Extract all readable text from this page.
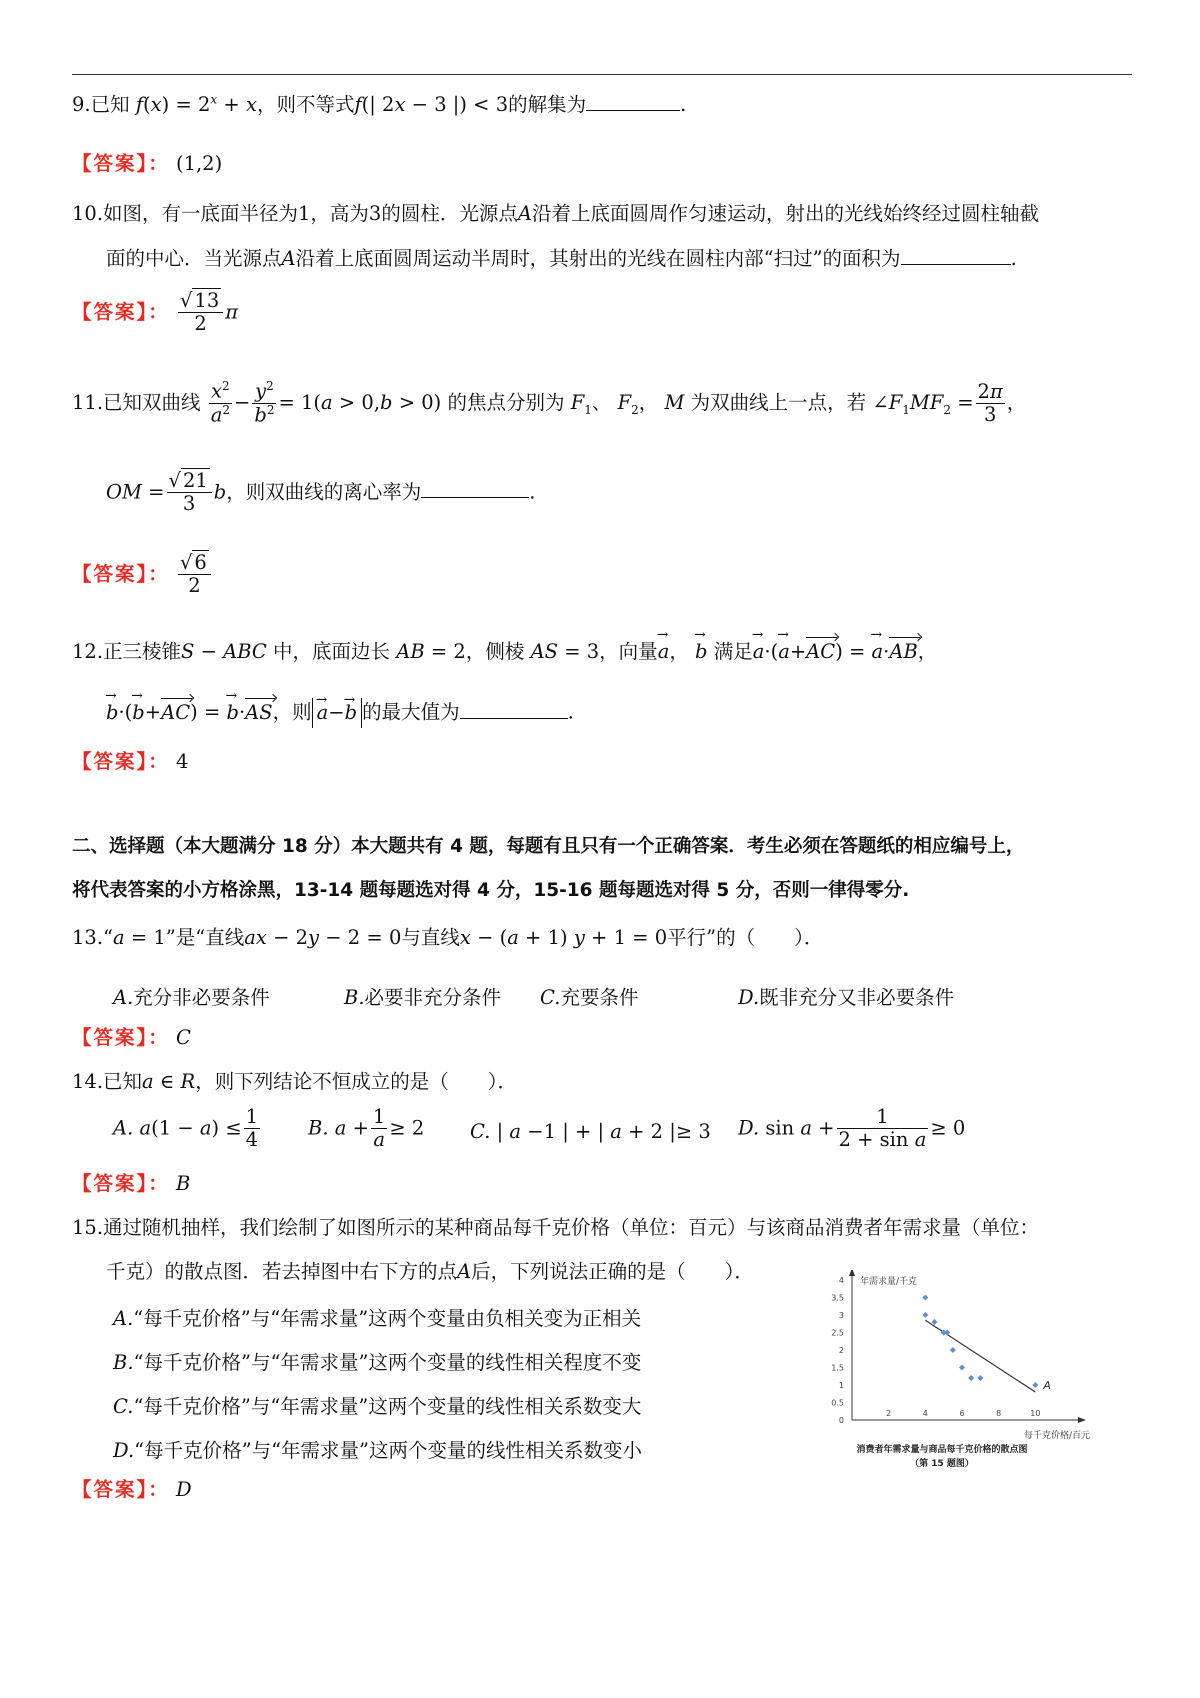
9.已知 $f(x) = 2^x + x$，则不等式f(| 2x − 3 |) < 3的解集为	.
【答案】： (1,2)
10.如图，有一底面半径为1，高为3的圆柱．光源点A沿着上底面圆周作匀速运动，射出的光线始终经过圆柱轴截
面的中心．当光源点A沿着上底面圆周运动半周时，其射出的光线在圆柱内部“扫过”的面积为	.
【答案】： $\frac{√ 13}{2}$ π
11.已知双曲线 $\frac{x^2}{a^2} - \frac{y^2}{b^2} = 1(a > 0,b > 0)$ 的焦点分别为 $F_1$、 $F_2$， M 为双曲线上一点，若 $\angle F_1MF_2 = \frac{2\pi}{3}$ ，
OM = $\frac{√ 21}{3}$ b，则双曲线的离心率为	.
【答案】： $\frac{√ 6}{2}$
12.正三棱锥S − ABC 中，底面边长 AB = 2，侧棱 AS = 3，向量→ a， → b 满足→ a·(→ a+AC) = → a·AB，
→ b·(→ b+AC) = → b·AS，则→ a−→ b 的最大值为	.
【答案】： 4
二、选择题（本大题满分 18 分）本大题共有 4 题，每题有且只有一个正确答案．考生必须在答题纸的相应编号上，
将代表答案的小方格涂黑，13-14 题每题选对得 4 分，15-16 题每题选对得 5 分，否则一律得零分.
13.“a = 1”是“直线ax − 2y − 2 = 0与直线x − (a + 1) y + 1 = 0平行”的（　　）．
A.充分非必要条件	B.必要非充分条件 C.充要条件	D.既非充分又非必要条件
【答案】： C
14.已知a ∈ R，则下列结论不恒成立的是（　　）．
A. $a(1 - a) \le \frac{1}{4} B$. $a + \frac{1}{a} \ge 2$ C. | a −1 | + | a + 2 |≥ 3 D. $\sin a + \frac{1}{\text{2 + sin a}} \ge 0$
【答案】： B
15.通过随机抽样，我们绘制了如图所示的某种商品每千克价格（单位：百元）与该商品消费者年需求量（单位：
千克）的散点图．若去掉图中右下方的点A后，下列说法正确的是（　　）．
A.“每千克价格”与“年需求量”这两个变量由负相关变为正相关
B.“每千克价格”与“年需求量”这两个变量的线性相关程度不变
C.“每千克价格”与“年需求量”这两个变量的线性相关系数变大
D.“每千克价格”与“年需求量”这两个变量的线性相关系数变小
【答案】： D
0
0.5
1
1.5
2
2.5
3
3.5
4
2	4	6	8	10
年需求量/千克
每千克价格/百元
A
消费者年需求量与商品每千克价格的散点图
（第 15 题图）
